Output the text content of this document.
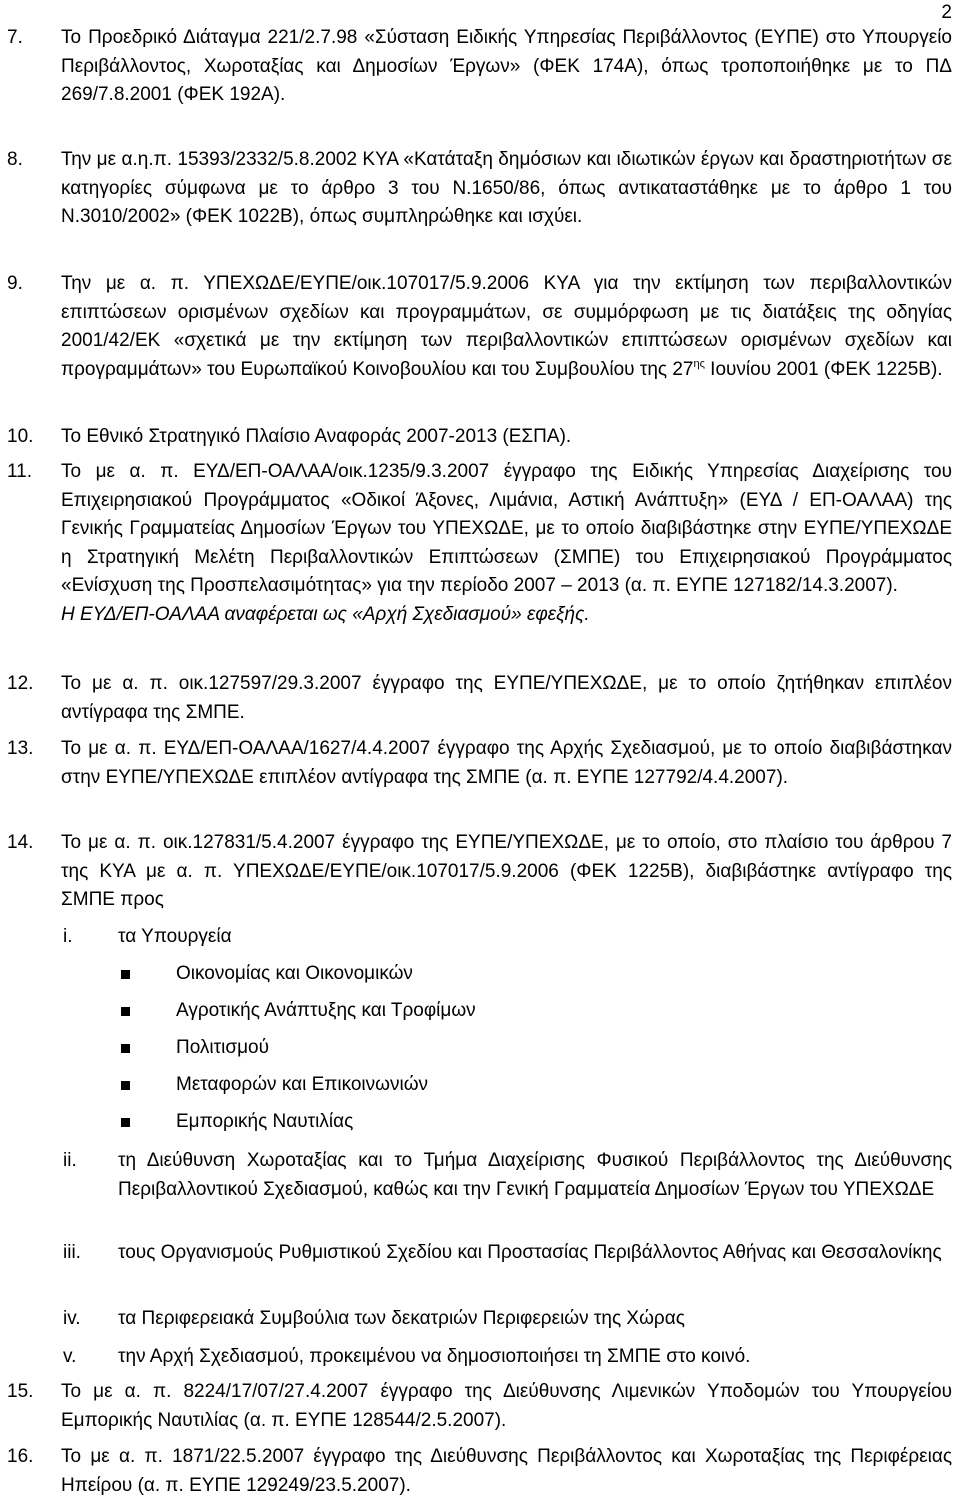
2
7.	Το Προεδρικό Διάταγμα 221/2.7.98 «Σύσταση Ειδικής Υπηρεσίας Περιβάλλοντος (ΕΥΠΕ) στο Υπουργείο Περιβάλλοντος, Χωροταξίας και Δημοσίων Έργων» (ΦΕΚ 174Α), όπως τροποποιήθηκε με το ΠΔ 269/7.8.2001 (ΦΕΚ 192Α).
8.	Την με α.η.π. 15393/2332/5.8.2002 ΚΥΑ «Κατάταξη δημόσιων και ιδιωτικών έργων και δραστηριοτήτων σε κατηγορίες σύμφωνα με το άρθρο 3 του Ν.1650/86, όπως αντικαταστάθηκε με το άρθρο 1 του Ν.3010/2002» (ΦΕΚ 1022Β), όπως συμπληρώθηκε και ισχύει.
9.	Την με α. π. ΥΠΕΧΩΔΕ/ΕΥΠΕ/οικ.107017/5.9.2006 ΚΥΑ για την εκτίμηση των περιβαλλοντικών επιπτώσεων ορισμένων σχεδίων και προγραμμάτων, σε συμμόρφωση με τις διατάξεις της οδηγίας 2001/42/ΕΚ «σχετικά με την εκτίμηση των περιβαλλοντικών επιπτώσεων ορισμένων σχεδίων και προγραμμάτων» του Ευρωπαϊκού Κοινοβουλίου και του Συμβουλίου της $27^{\eta\varsigma}$ Ιουνίου 2001 (ΦΕΚ 1225Β).
10.	Το Εθνικό Στρατηγικό Πλαίσιο Αναφοράς 2007-2013 (ΕΣΠΑ).
11.	Το με α. π. ΕΥΔ/ΕΠ-ΟΑΛΑΑ/οικ.1235/9.3.2007 έγγραφο της Ειδικής Υπηρεσίας Διαχείρισης του Επιχειρησιακού Προγράμματος «Οδικοί Άξονες, Λιμάνια, Αστική Ανάπτυξη» (ΕΥΔ / ΕΠ-ΟΑΛΑΑ) της Γενικής Γραμματείας Δημοσίων Έργων του ΥΠΕΧΩΔΕ, με το οποίο διαβιβάστηκε στην ΕΥΠΕ/ΥΠΕΧΩΔΕ η Στρατηγική Μελέτη Περιβαλλοντικών Επιπτώσεων (ΣΜΠΕ) του Επιχειρησιακού Προγράμματος «Ενίσχυση της Προσπελασιμότητας» για την περίοδο 2007 – 2013 (α. π. ΕΥΠΕ 127182/14.3.2007).
Η ΕΥΔ/ΕΠ-ΟΑΛΑΑ αναφέρεται ως «Αρχή Σχεδιασμού» εφεξής.
12.	Το με α. π. οικ.127597/29.3.2007 έγγραφο της ΕΥΠΕ/ΥΠΕΧΩΔΕ, με το οποίο ζητήθηκαν επιπλέον αντίγραφα της ΣΜΠΕ.
13.	Το με α. π. ΕΥΔ/ΕΠ-ΟΑΛΑΑ/1627/4.4.2007 έγγραφο της Αρχής Σχεδιασμού, με το οποίο διαβιβάστηκαν στην ΕΥΠΕ/ΥΠΕΧΩΔΕ επιπλέον αντίγραφα της ΣΜΠΕ (α. π. ΕΥΠΕ 127792/4.4.2007).
14.	Το με α. π. οικ.127831/5.4.2007 έγγραφο της ΕΥΠΕ/ΥΠΕΧΩΔΕ, με το οποίο, στο πλαίσιο του άρθρου 7 της ΚΥΑ με α. π. ΥΠΕΧΩΔΕ/ΕΥΠΕ/οικ.107017/5.9.2006 (ΦΕΚ 1225Β), διαβιβάστηκε αντίγραφο της ΣΜΠΕ προς
i. τα Υπουργεία
Οικονομίας και Οικονομικών
Αγροτικής Ανάπτυξης και Τροφίμων
Πολιτισμού
Μεταφορών και Επικοινωνιών
Εμπορικής Ναυτιλίας
ii. τη Διεύθυνση Χωροταξίας και το Τμήμα Διαχείρισης Φυσικού Περιβάλλοντος της Διεύθυνσης Περιβαλλοντικού Σχεδιασμού, καθώς και την Γενική Γραμματεία Δημοσίων Έργων του ΥΠΕΧΩΔΕ
iii. τους Οργανισμούς Ρυθμιστικού Σχεδίου και Προστασίας Περιβάλλοντος Αθήνας και Θεσσαλονίκης
iv. τα Περιφερειακά Συμβούλια των δεκατριών Περιφερειών της Χώρας
v. την Αρχή Σχεδιασμού, προκειμένου να δημοσιοποιήσει τη ΣΜΠΕ στο κοινό.
15.	Το με α. π. 8224/17/07/27.4.2007 έγγραφο της Διεύθυνσης Λιμενικών Υποδομών του Υπουργείου Εμπορικής Ναυτιλίας (α. π. ΕΥΠΕ 128544/2.5.2007).
16.	Το με α. π. 1871/22.5.2007 έγγραφο της Διεύθυνσης Περιβάλλοντος και Χωροταξίας της Περιφέρειας Ηπείρου (α. π. ΕΥΠΕ 129249/23.5.2007).
